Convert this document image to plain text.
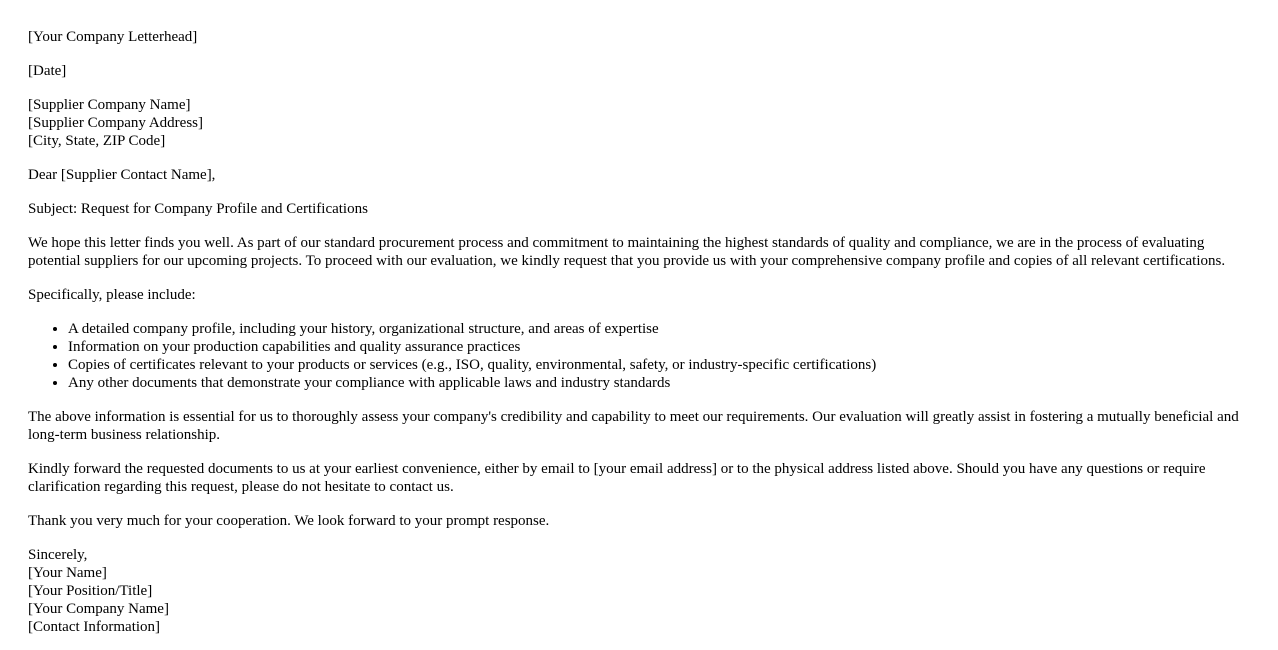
[Your Company Letterhead]

[Date]

[Supplier Company Name]
[Supplier Company Address]
[City, State, ZIP Code]

Dear [Supplier Contact Name],

Subject: Request for Company Profile and Certifications

We hope this letter finds you well. As part of our standard procurement process and commitment to maintaining the highest standards of quality and compliance, we are in the process of evaluating potential suppliers for our upcoming projects. To proceed with our evaluation, we kindly request that you provide us with your comprehensive company profile and copies of all relevant certifications.

Specifically, please include:

• A detailed company profile, including your history, organizational structure, and areas of expertise
• Information on your production capabilities and quality assurance practices
• Copies of certificates relevant to your products or services (e.g., ISO, quality, environmental, safety, or industry-specific certifications)
• Any other documents that demonstrate your compliance with applicable laws and industry standards

The above information is essential for us to thoroughly assess your company's credibility and capability to meet our requirements. Our evaluation will greatly assist in fostering a mutually beneficial and long-term business relationship.

Kindly forward the requested documents to us at your earliest convenience, either by email to [your email address] or to the physical address listed above. Should you have any questions or require clarification regarding this request, please do not hesitate to contact us.

Thank you very much for your cooperation. We look forward to your prompt response.

Sincerely,
[Your Name]
[Your Position/Title]
[Your Company Name]
[Contact Information]
